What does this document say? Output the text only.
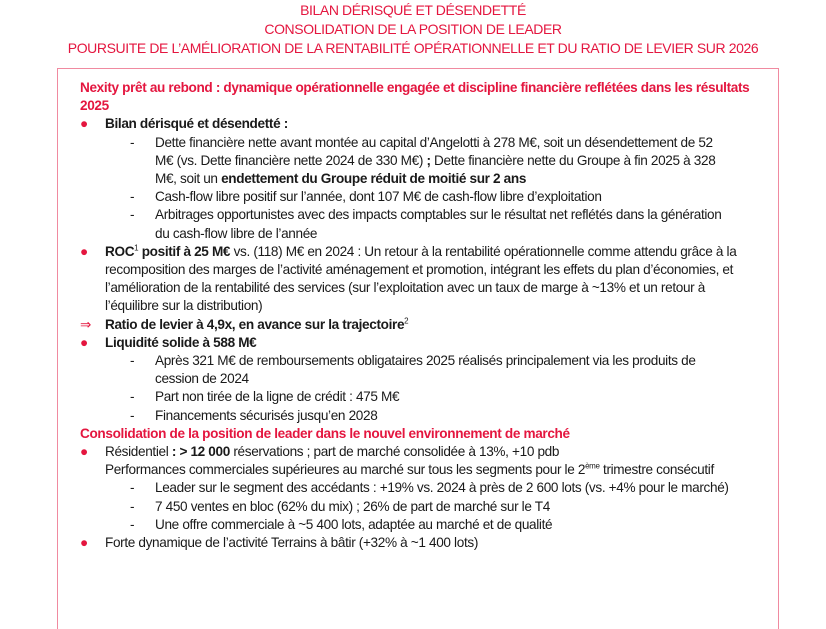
BILAN DÉRISQUÉ ET DÉSENDETTÉ
CONSOLIDATION DE LA POSITION DE LEADER
POURSUITE DE L’AMÉLIORATION DE LA RENTABILITÉ OPÉRATIONNELLE ET DU RATIO DE LEVIER SUR 2026
Nexity prêt au rebond : dynamique opérationnelle engagée et discipline financière reflétées dans les résultats 2025
● Bilan dérisqué et désendetté :
- Dette financière nette avant montée au capital d’Angelotti à 278 M€, soit un désendettement de 52 M€ (vs. Dette financière nette 2024 de 330 M€) ; Dette financière nette du Groupe à fin 2025 à 328 M€, soit un endettement du Groupe réduit de moitié sur 2 ans
- Cash-flow libre positif sur l’année, dont 107 M€ de cash-flow libre d’exploitation
- Arbitrages opportunistes avec des impacts comptables sur le résultat net reflétés dans la génération du cash-flow libre de l’année
● ROC$^1$ positif à 25 M€ vs. (118) M€ en 2024 : Un retour à la rentabilité opérationnelle comme attendu grâce à la recomposition des marges de l’activité aménagement et promotion, intégrant les effets du plan d’économies, et l’amélioration de la rentabilité des services (sur l’exploitation avec un taux de marge à ~13% et un retour à l’équilibre sur la distribution)
⇒ Ratio de levier à 4,9x, en avance sur la trajectoire$^2$
● Liquidité solide à 588 M€
- Après 321 M€ de remboursements obligataires 2025 réalisés principalement via les produits de cession de 2024
- Part non tirée de la ligne de crédit : 475 M€
- Financements sécurisés jusqu’en 2028
Consolidation de la position de leader dans le nouvel environnement de marché
● Résidentiel : > 12 000 réservations ; part de marché consolidée à 13%, +10 pdb
Performances commerciales supérieures au marché sur tous les segments pour le 2ème trimestre consécutif
- Leader sur le segment des accédants : +19% vs. 2024 à près de 2 600 lots (vs. +4% pour le marché)
- 7 450 ventes en bloc (62% du mix) ; 26% de part de marché sur le T4
- Une offre commerciale à ~5 400 lots, adaptée au marché et de qualité
● Forte dynamique de l’activité Terrains à bâtir (+32% à ~1 400 lots)
